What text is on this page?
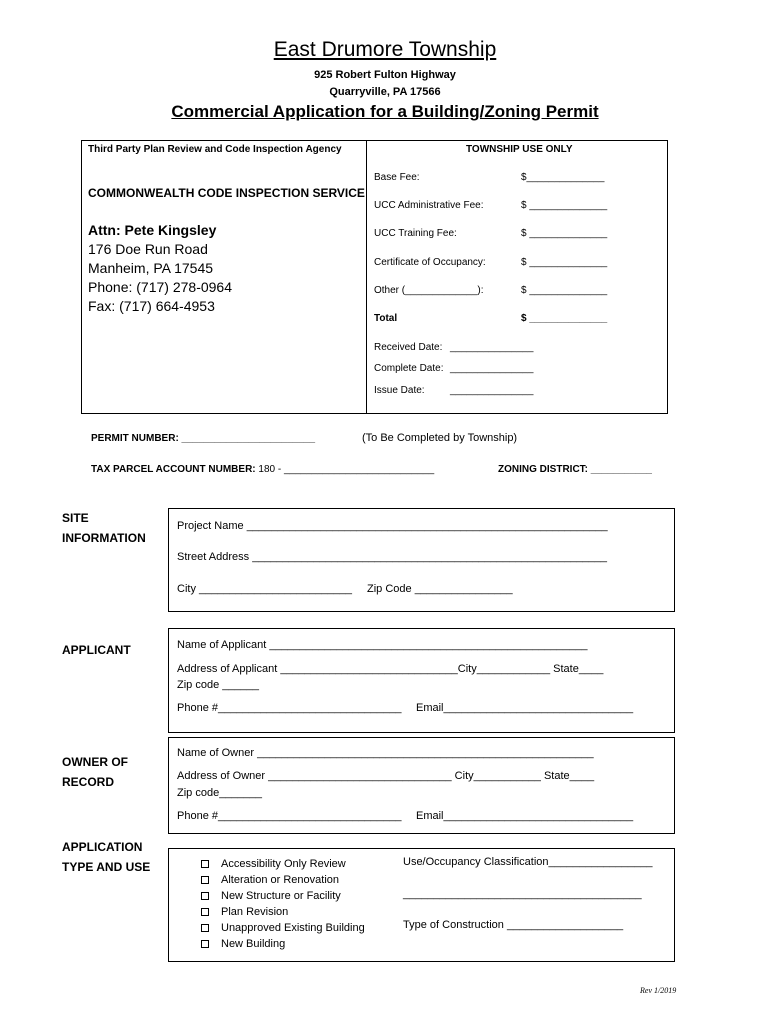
East Drumore Township
925 Robert Fulton Highway
Quarryville, PA 17566
Commercial Application for a Building/Zoning Permit
Third Party Plan Review and Code Inspection Agency
COMMONWEALTH CODE INSPECTION SERVICE
Attn: Pete Kingsley
176 Doe Run Road
Manheim, PA 17545
Phone: (717) 278-0964
Fax: (717) 664-4953
TOWNSHIP USE ONLY
Base Fee:	$______________
UCC Administrative Fee:	$ ______________
UCC Training Fee:	$ ______________
Certificate of Occupancy:	$ ______________
Other (_____________):	$ ______________
Total	$ ______________
Received Date: _______________
Complete Date: _______________
Issue Date:	_______________
PERMIT NUMBER: ________________________	(To Be Completed by Township)
TAX PARCEL ACCOUNT NUMBER: 180 - ___________________________	ZONING DISTRICT: ___________
SITE
INFORMATION
Project Name ___________________________________________________________
Street Address __________________________________________________________
City _________________________ Zip Code ________________
APPLICANT	Name of Applicant ____________________________________________________
Address of Applicant _____________________________City____________ State____
Zip code ______
Phone #______________________________ Email_______________________________
OWNER OF
RECORD
Name of Owner _______________________________________________________
Address of Owner ______________________________ City___________ State____
Zip code_______
Phone #______________________________ Email_______________________________
APPLICATION
TYPE AND USE	Accessibility Only Review
Alteration or Renovation
New Structure or Facility
Plan Revision
Unapproved Existing Building
New Building
Use/Occupancy Classification_________________
_______________________________________
Type of Construction ___________________
Rev 1/2019
